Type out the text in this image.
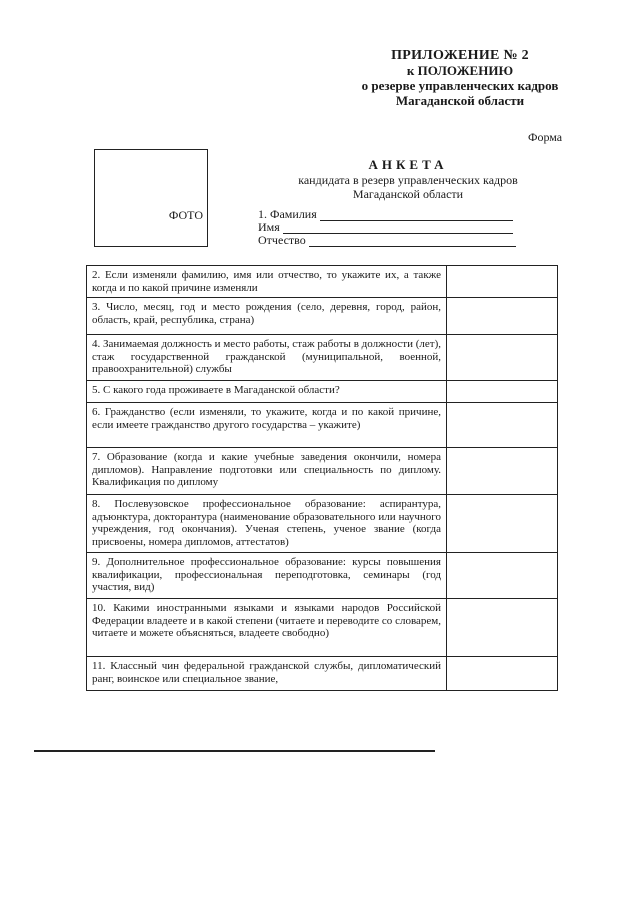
ПРИЛОЖЕНИЕ № 2
к ПОЛОЖЕНИЮ
о резерве управленческих кадров
Магаданской области
Форма
ФОТО
АНКЕТА
кандидата в резерв управленческих кадров
Магаданской области
1. Фамилия
Имя
Отчество
2. Если изменяли фамилию, имя или отчество, то укажите их, а также когда и по какой причине изменяли	
3. Число, месяц, год и место рождения (село, деревня, город, район, область, край, республика, страна)	
4. Занимаемая должность и место работы, стаж работы в должности (лет), стаж государственной гражданской (муниципальной, военной, правоохранительной) службы	
5. С какого года проживаете в Магаданской области?	
6. Гражданство (если изменяли, то укажите, когда и по какой причине, если имеете гражданство другого государства – укажите)	
7. Образование (когда и какие учебные заведения окончили, номера дипломов). Направление подготовки или специальность по диплому. Квалификация по диплому	
8. Послевузовское профессиональное образование: аспирантура, адъюнктура, докторантура (наименование образовательного или научного учреждения, год окончания). Ученая степень, ученое звание (когда присвоены, номера дипломов, аттестатов)	
9. Дополнительное профессиональное образование: курсы повышения квалификации, профессиональная переподготовка, семинары (год участия, вид)	
10. Какими иностранными языками и языками народов Российской Федерации владеете и в какой степени (читаете и переводите со словарем, читаете и можете объясняться, владеете свободно)	
11. Классный чин федеральной гражданской службы, дипломатический ранг, воинское или специальное звание,	
